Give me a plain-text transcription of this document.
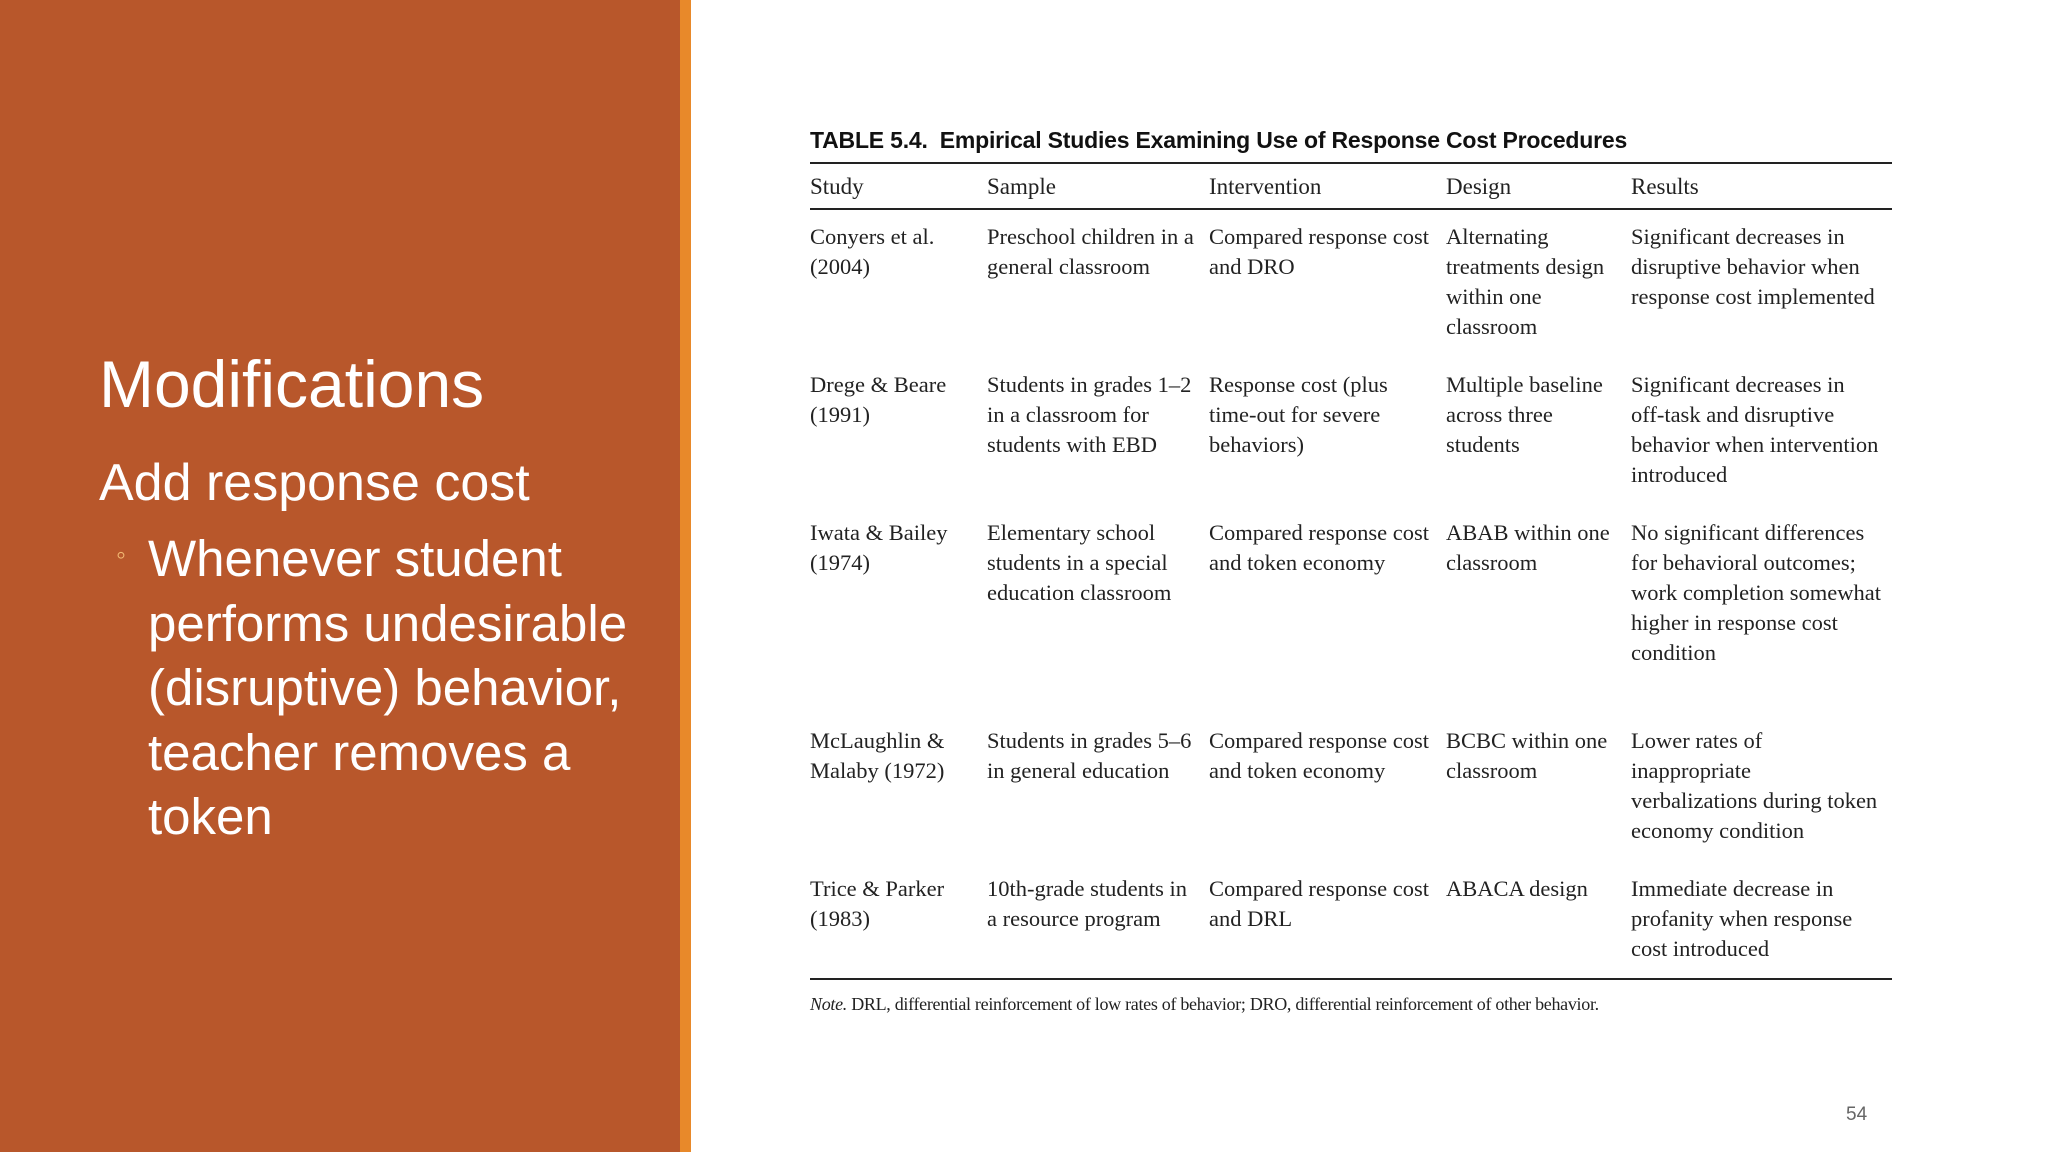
Modifications
Add response cost
◦ Whenever student performs undesirable (disruptive) behavior, teacher removes a token
TABLE 5.4. Empirical Studies Examining Use of Response Cost Procedures
Study	Sample	Intervention	Design	Results
Conyers et al. (2004)	Preschool children in a general classroom	Compared response cost and DRO	Alternating treatments design within one classroom	Significant decreases in disruptive behavior when response cost implemented
Drege & Beare (1991)	Students in grades 1–2 in a classroom for students with EBD	Response cost (plus time-out for severe behaviors)	Multiple baseline across three students	Significant decreases in off-task and disruptive behavior when intervention introduced
Iwata & Bailey (1974)	Elementary school students in a special education classroom	Compared response cost and token economy	ABAB within one classroom	No significant differences for behavioral outcomes; work completion somewhat higher in response cost condition
McLaughlin & Malaby (1972)	Students in grades 5–6 in general education	Compared response cost and token economy	BCBC within one classroom	Lower rates of inappropriate verbalizations during token economy condition
Trice & Parker (1983)	10th-grade students in a resource program	Compared response cost and DRL	ABACA design	Immediate decrease in profanity when response cost introduced
Note. DRL, differential reinforcement of low rates of behavior; DRO, differential reinforcement of other behavior.
54
